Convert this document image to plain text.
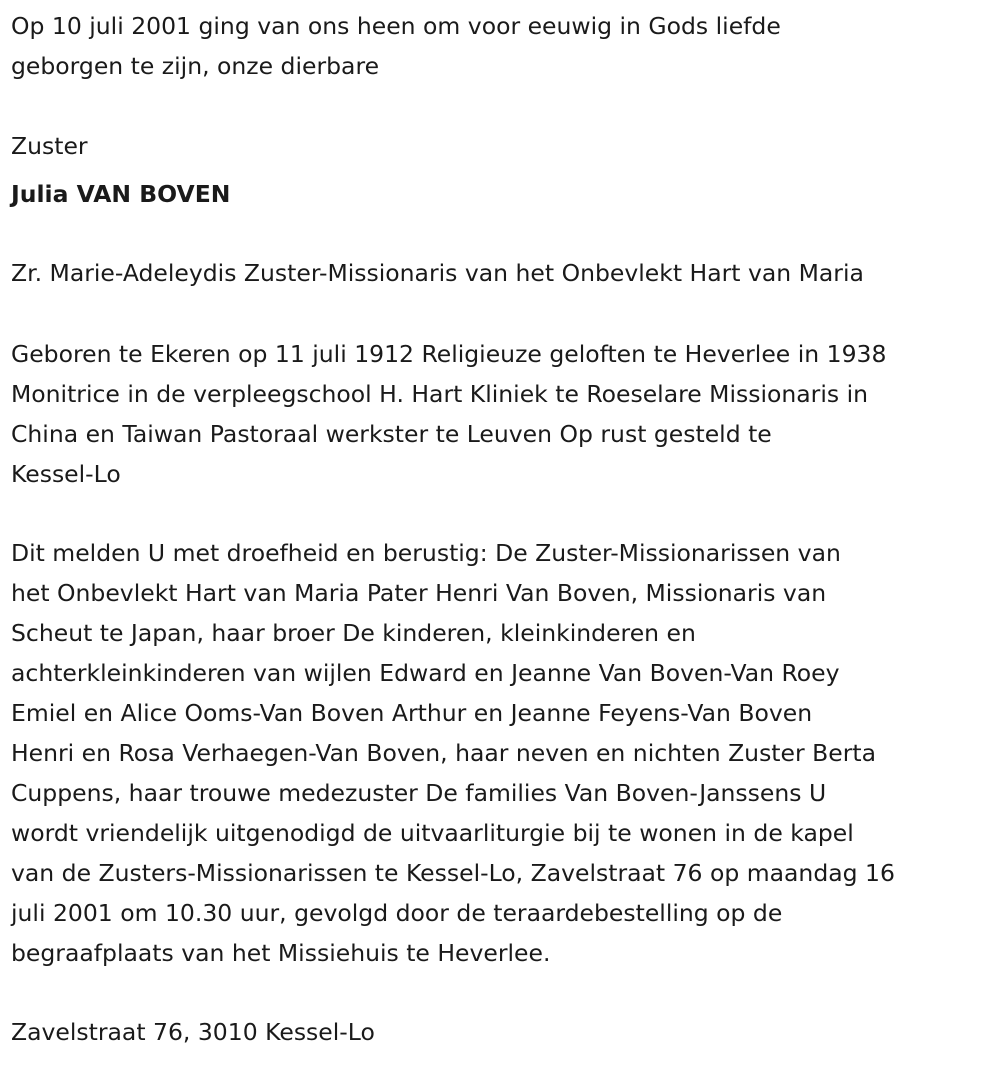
Op 10 juli 2001 ging van ons heen om voor eeuwig in Gods liefde
geborgen te zijn, onze dierbare
Zuster
Julia VAN BOVEN
Zr. Marie-Adeleydis Zuster-Missionaris van het Onbevlekt Hart van Maria
Geboren te Ekeren op 11 juli 1912 Religieuze geloften te Heverlee in 1938
Monitrice in de verpleegschool H. Hart Kliniek te Roeselare Missionaris in
China en Taiwan Pastoraal werkster te Leuven Op rust gesteld te
Kessel-Lo
Dit melden U met droefheid en berustig: De Zuster-Missionarissen van
het Onbevlekt Hart van Maria Pater Henri Van Boven, Missionaris van
Scheut te Japan, haar broer De kinderen, kleinkinderen en
achterkleinkinderen van wijlen Edward en Jeanne Van Boven-Van Roey
Emiel en Alice Ooms-Van Boven Arthur en Jeanne Feyens-Van Boven
Henri en Rosa Verhaegen-Van Boven, haar neven en nichten Zuster Berta
Cuppens, haar trouwe medezuster De families Van Boven-Janssens U
wordt vriendelijk uitgenodigd de uitvaarliturgie bij te wonen in de kapel
van de Zusters-Missionarissen te Kessel-Lo, Zavelstraat 76 op maandag 16
juli 2001 om 10.30 uur, gevolgd door de teraardebestelling op de
begraafplaats van het Missiehuis te Heverlee.
Zavelstraat 76, 3010 Kessel-Lo
